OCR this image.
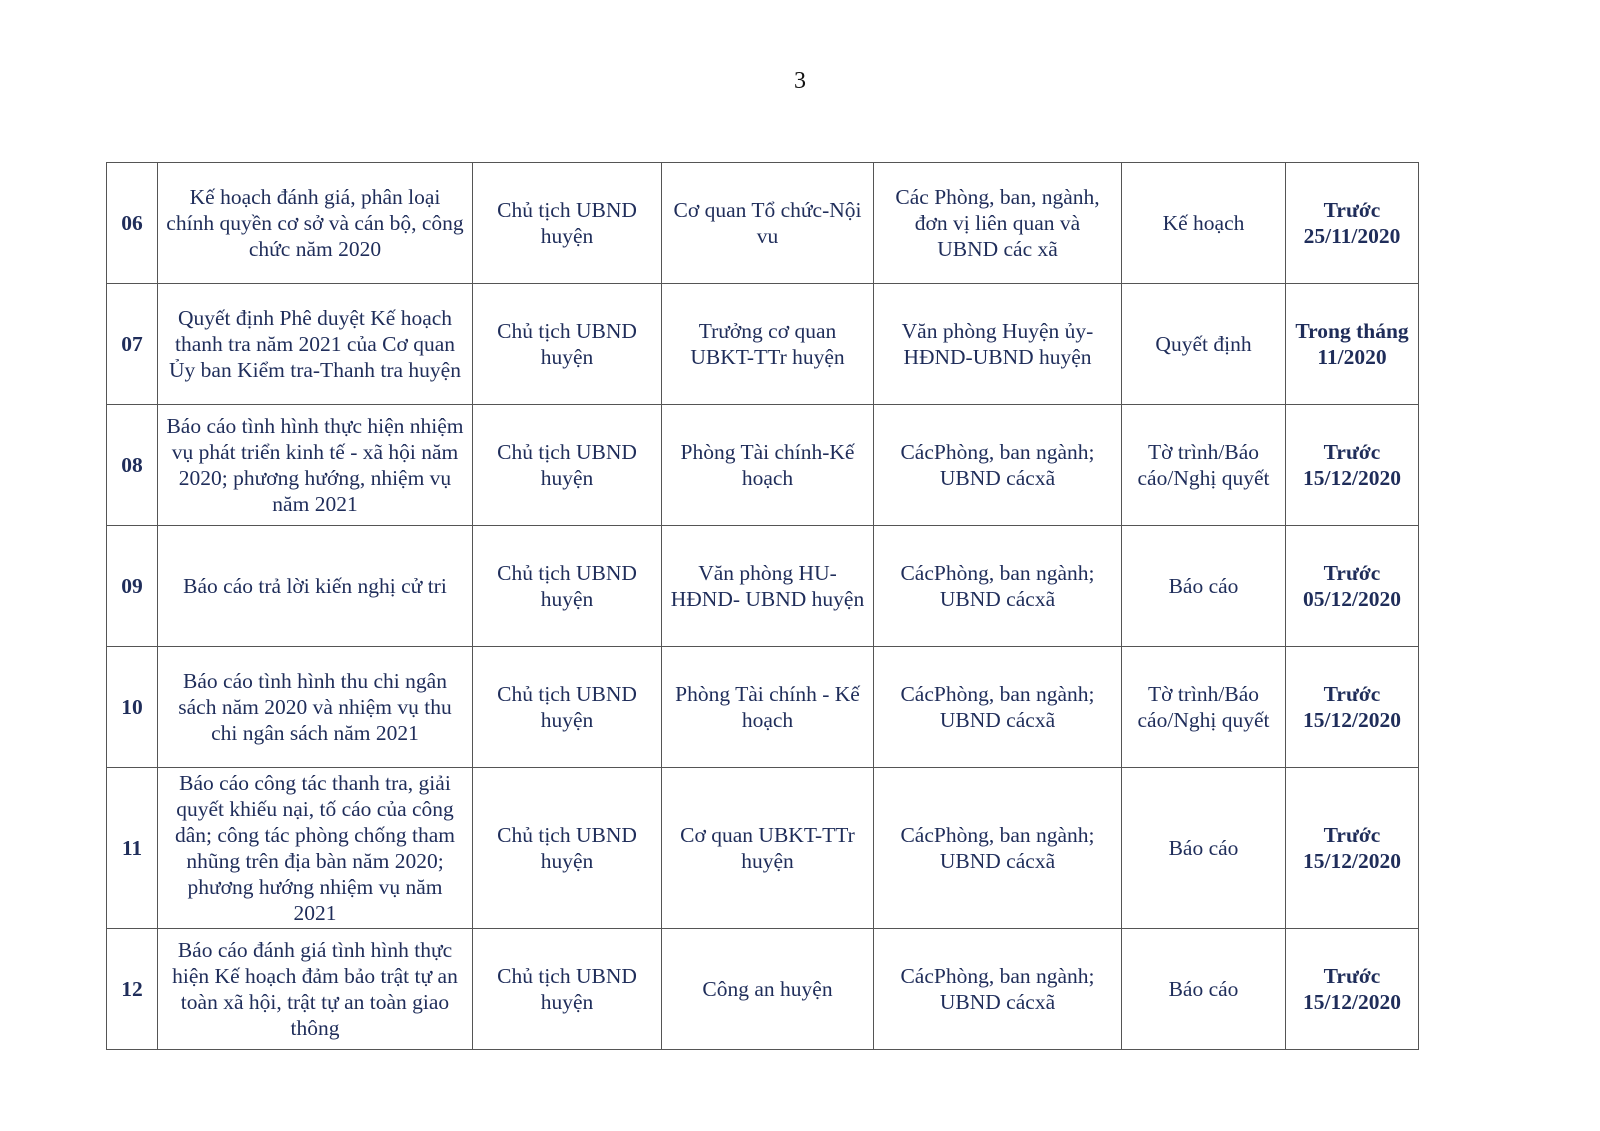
3
06	Kế hoạch đánh giá, phân loại chính quyền cơ sở và cán bộ, công chức năm 2020	Chủ tịch UBND huyện	Cơ quan Tổ chức-Nội vu	Các Phòng, ban, ngành, đơn vị liên quan và UBND các xã	Kế hoạch	Trước 25/11/2020
07	Quyết định Phê duyệt Kế hoạch thanh tra năm 2021 của Cơ quan Ủy ban Kiểm tra-Thanh tra huyện	Chủ tịch UBND huyện	Trưởng cơ quan UBKT-TTr huyện	Văn phòng Huyện ủy-HĐND-UBND huyện	Quyết định	Trong tháng 11/2020
08	Báo cáo tình hình thực hiện nhiệm vụ phát triển kinh tế - xã hội năm 2020; phương hướng, nhiệm vụ năm 2021	Chủ tịch UBND huyện	Phòng Tài chính-Kế hoạch	CácPhòng, ban ngành; UBND cácxã	Tờ trình/Báo cáo/Nghị quyết	Trước 15/12/2020
09	Báo cáo trả lời kiến nghị cử tri	Chủ tịch UBND huyện	Văn phòng HU-HĐND- UBND huyện	CácPhòng, ban ngành; UBND cácxã	Báo cáo	Trước 05/12/2020
10	Báo cáo tình hình thu chi ngân sách năm 2020 và nhiệm vụ thu chi ngân sách năm 2021	Chủ tịch UBND huyện	Phòng Tài chính - Kế hoạch	CácPhòng, ban ngành; UBND cácxã	Tờ trình/Báo cáo/Nghị quyết	Trước 15/12/2020
11	Báo cáo công tác thanh tra, giải quyết khiếu nại, tố cáo của công dân; công tác phòng chống tham nhũng trên địa bàn năm 2020; phương hướng nhiệm vụ năm 2021	Chủ tịch UBND huyện	Cơ quan UBKT-TTr huyện	CácPhòng, ban ngành; UBND cácxã	Báo cáo	Trước 15/12/2020
12	Báo cáo đánh giá tình hình thực hiện Kế hoạch đảm bảo trật tự an toàn xã hội, trật tự an toàn giao thông	Chủ tịch UBND huyện	Công an huyện	CácPhòng, ban ngành; UBND cácxã	Báo cáo	Trước 15/12/2020
